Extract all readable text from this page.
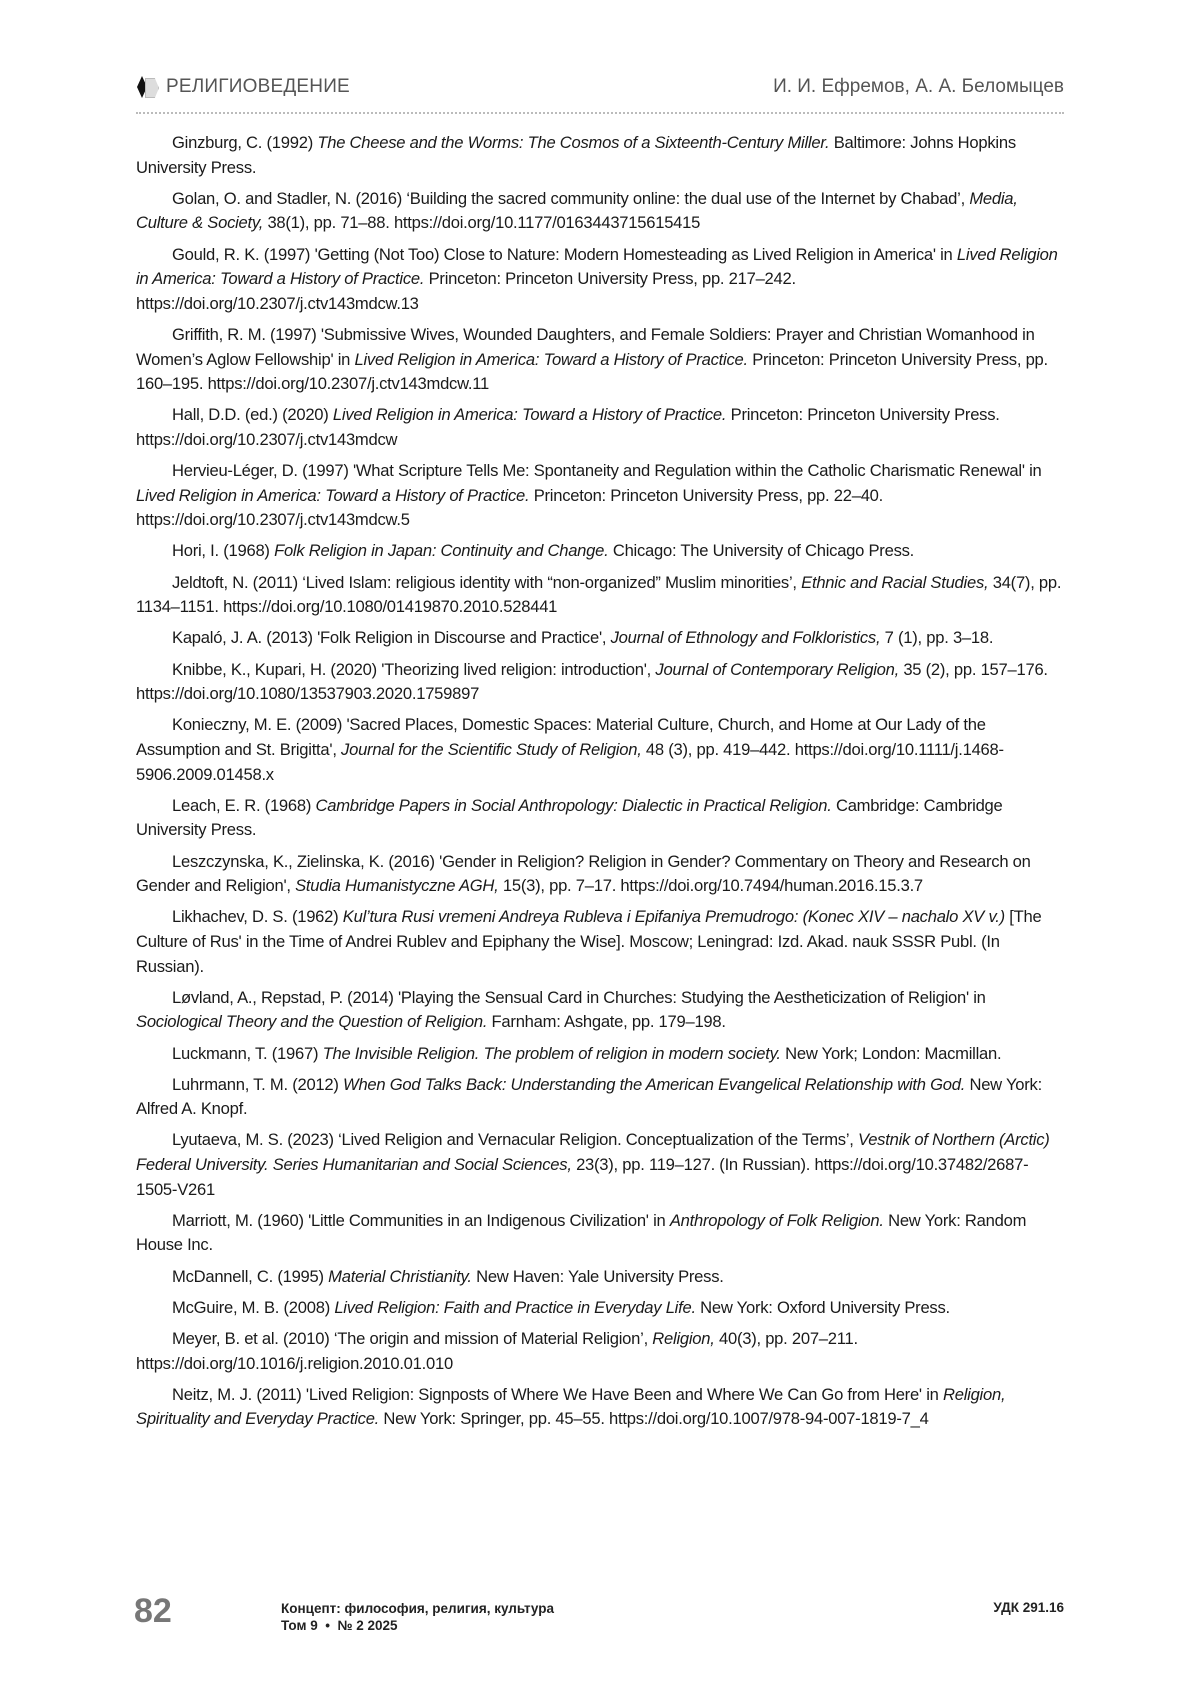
РЕЛИГИОВЕДЕНИЕ	И. И. Ефремов, А. А. Беломыцев

Ginzburg, C. (1992) The Cheese and the Worms: The Cosmos of a Sixteenth-Century Miller. Baltimore: Johns Hopkins University Press.

Golan, O. and Stadler, N. (2016) ‘Building the sacred community online: the dual use of the Internet by Chabad’, Media, Culture & Society, 38(1), pp. 71–88. https://doi.org/10.1177/0163443715615415

Gould, R. K. (1997) 'Getting (Not Too) Close to Nature: Modern Homesteading as Lived Religion in America' in Lived Religion in America: Toward a History of Practice. Princeton: Princeton University Press, pp. 217–242. https://doi.org/10.2307/j.ctv143mdcw.13

Griffith, R. M. (1997) 'Submissive Wives, Wounded Daughters, and Female Soldiers: Prayer and Christian Womanhood in Women’s Aglow Fellowship' in Lived Religion in America: Toward a History of Practice. Princeton: Princeton University Press, pp. 160–195. https://doi.org/10.2307/j.ctv143mdcw.11

Hall, D.D. (ed.) (2020) Lived Religion in America: Toward a History of Practice. Princeton: Princeton University Press. https://doi.org/10.2307/j.ctv143mdcw

Hervieu-Léger, D. (1997) 'What Scripture Tells Me: Spontaneity and Regulation within the Catholic Charismatic Renewal' in Lived Religion in America: Toward a History of Practice. Princeton: Princeton University Press, pp. 22–40. https://doi.org/10.2307/j.ctv143mdcw.5

Hori, I. (1968) Folk Religion in Japan: Continuity and Change. Chicago: The University of Chicago Press.

Jeldtoft, N. (2011) ‘Lived Islam: religious identity with “non-organized” Muslim minorities’, Ethnic and Racial Studies, 34(7), pp. 1134–1151. https://doi.org/10.1080/01419870.2010.528441

Kapaló, J. A. (2013) 'Folk Religion in Discourse and Practice', Journal of Ethnology and Folkloristics, 7 (1), pp. 3–18.

Knibbe, K., Kupari, H. (2020) 'Theorizing lived religion: introduction', Journal of Contemporary Religion, 35 (2), pp. 157–176. https://doi.org/10.1080/13537903.2020.1759897

Konieczny, M. E. (2009) 'Sacred Places, Domestic Spaces: Material Culture, Church, and Home at Our Lady of the Assumption and St. Brigitta', Journal for the Scientific Study of Religion, 48 (3), pp. 419–442. https://doi.org/10.1111/j.1468-5906.2009.01458.x

Leach, E. R. (1968) Cambridge Papers in Social Anthropology: Dialectic in Practical Religion. Cambridge: Cambridge University Press.

Leszczynska, K., Zielinska, K. (2016) 'Gender in Religion? Religion in Gender? Commentary on Theory and Research on Gender and Religion', Studia Humanistyczne AGH, 15(3), pp. 7–17. https://doi.org/10.7494/human.2016.15.3.7

Likhachev, D. S. (1962) Kul’tura Rusi vremeni Andreya Rubleva i Epifaniya Premudrogo: (Konec XIV – nachalo XV v.) [The Culture of Rus' in the Time of Andrei Rublev and Epiphany the Wise]. Moscow; Leningrad: Izd. Akad. nauk SSSR Publ. (In Russian).

Løvland, A., Repstad, P. (2014) 'Playing the Sensual Card in Churches: Studying the Aestheticization of Religion' in Sociological Theory and the Question of Religion. Farnham: Ashgate, pp. 179–198.

Luckmann, T. (1967) The Invisible Religion. The problem of religion in modern society. New York; London: Macmillan.

Luhrmann, T. M. (2012) When God Talks Back: Understanding the American Evangelical Relationship with God. New York: Alfred A. Knopf.

Lyutaeva, M. S. (2023) ‘Lived Religion and Vernacular Religion. Conceptualization of the Terms’, Vestnik of Northern (Arctic) Federal University. Series Humanitarian and Social Sciences, 23(3), pp. 119–127. (In Russian). https://doi.org/10.37482/2687-1505-V261

Marriott, M. (1960) 'Little Communities in an Indigenous Civilization' in Anthropology of Folk Religion. New York: Random House Inc.

McDannell, C. (1995) Material Christianity. New Haven: Yale University Press.

McGuire, M. B. (2008) Lived Religion: Faith and Practice in Everyday Life. New York: Oxford University Press.

Meyer, B. et al. (2010) ‘The origin and mission of Material Religion’, Religion, 40(3), pp. 207–211. https://doi.org/10.1016/j.religion.2010.01.010

Neitz, M. J. (2011) 'Lived Religion: Signposts of Where We Have Been and Where We Can Go from Here' in Religion, Spirituality and Everyday Practice. New York: Springer, pp. 45–55. https://doi.org/10.1007/978-94-007-1819-7_4

82	Концепт: философия, религия, культура
Том 9  •  № 2 2025
УДК 291.16
